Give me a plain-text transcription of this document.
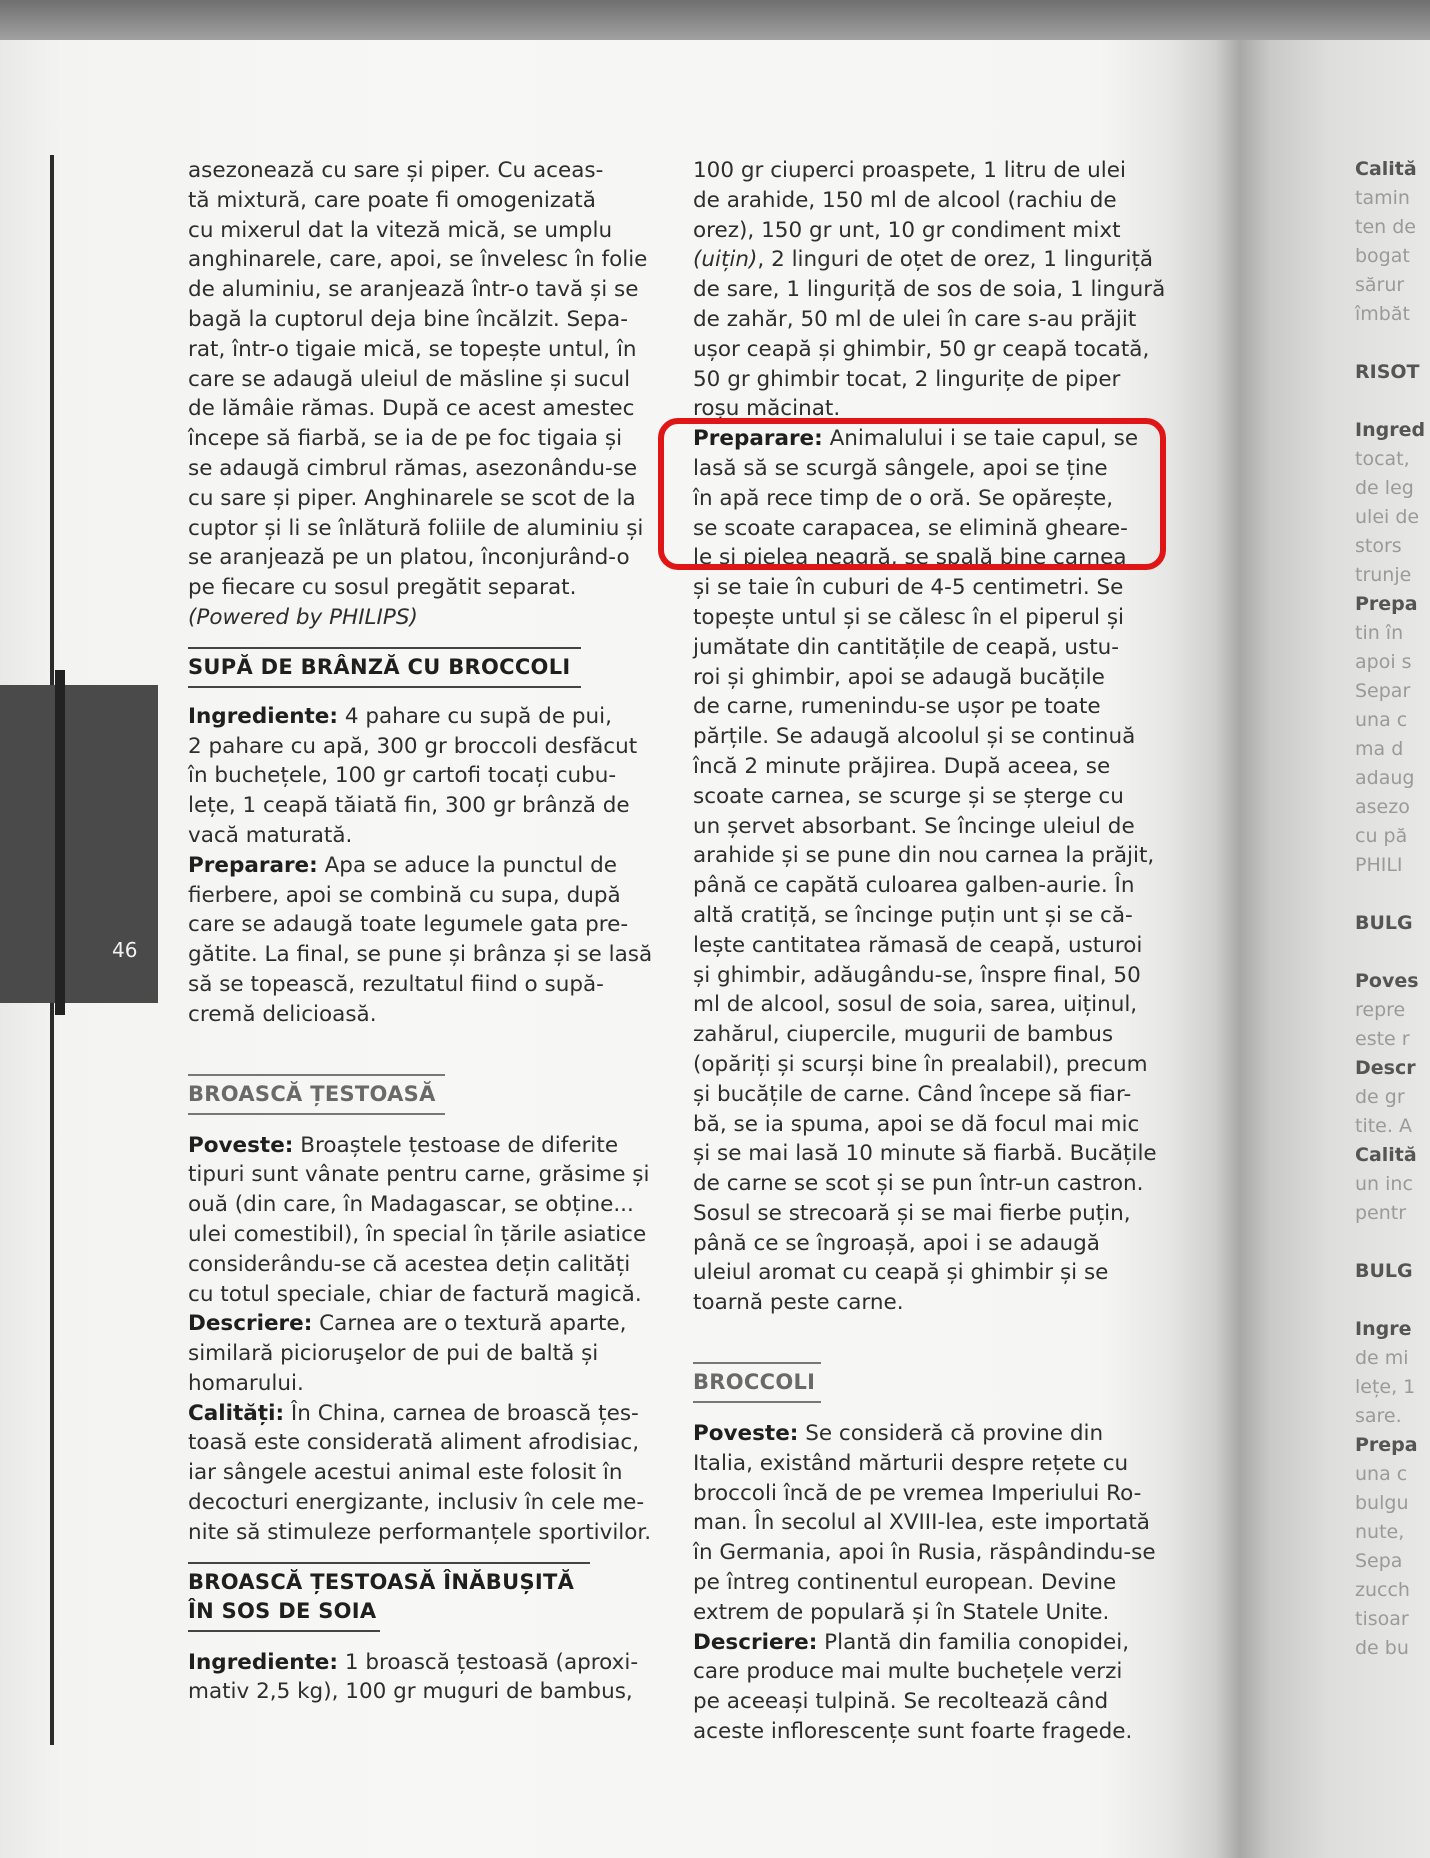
46

asezonează cu sare și piper. Cu aceas-
tă mixtură, care poate fi omogenizată
cu mixerul dat la viteză mică, se umplu
anghinarele, care, apoi, se învelesc în folie
de aluminiu, se aranjează într-o tavă și se
bagă la cuptorul deja bine încălzit. Sepa-
rat, într-o tigaie mică, se topește untul, în
care se adaugă uleiul de măsline și sucul
de lămâie rămas. După ce acest amestec
începe să fiarbă, se ia de pe foc tigaia și
se adaugă cimbrul rămas, asezonându-se
cu sare și piper. Anghinarele se scot de la
cuptor și li se înlătură foliile de aluminiu și
se aranjează pe un platou, înconjurând-o
pe fiecare cu sosul pregătit separat.

(Powered by PHILIPS)

SUPĂ DE BRÂNZĂ CU BROCCOLI

Ingrediente: 4 pahare cu supă de pui,
2 pahare cu apă, 300 gr broccoli desfăcut
în buchețele, 100 gr cartofi tocați cubu-
lețe, 1 ceapă tăiată fin, 300 gr brânză de
vacă maturată.

Preparare: Apa se aduce la punctul de
fierbere, apoi se combină cu supa, după
care se adaugă toate legumele gata pre-
gătite. La final, se pune și brânza și se lasă
să se topească, rezultatul fiind o supă-
cremă delicioasă.

BROASCĂ ȚESTOASĂ

Poveste: Broaștele țestoase de diferite
tipuri sunt vânate pentru carne, grăsime și
ouă (din care, în Madagascar, se obține...
ulei comestibil), în special în țările asiatice
considerându-se că acestea dețin calități
cu totul speciale, chiar de factură magică.

Descriere: Carnea are o textură aparte,
similară picioruşelor de pui de baltă și
homarului.

Calități: În China, carnea de broască țes-
toasă este considerată aliment afrodisiac,
iar sângele acestui animal este folosit în
decocturi energizante, inclusiv în cele me-
nite să stimuleze performanțele sportivilor.

BROASCĂ ȚESTOASĂ ÎNĂBUȘITĂ
ÎN SOS DE SOIA

Ingrediente: 1 broască țestoasă (aproxi-
mativ 2,5 kg), 100 gr muguri de bambus,

100 gr ciuperci proaspete, 1 litru de ulei
de arahide, 150 ml de alcool (rachiu de
orez), 150 gr unt, 10 gr condiment mixt
(uițin), 2 linguri de oțet de orez, 1 linguriță
de sare, 1 linguriță de sos de soia, 1 lingură
de zahăr, 50 ml de ulei în care s-au prăjit
ușor ceapă și ghimbir, 50 gr ceapă tocată,
50 gr ghimbir tocat, 2 lingurițe de piper
roșu măcinat.

Preparare: Animalului i se taie capul, se
lasă să se scurgă sângele, apoi se ține
în apă rece timp de o oră. Se opărește,
se scoate carapacea, se elimină gheare-
le și pielea neagră, se spală bine carnea
și se taie în cuburi de 4-5 centimetri. Se
topește untul și se călesc în el piperul și
jumătate din cantitățile de ceapă, ustu-
roi și ghimbir, apoi se adaugă bucățile
de carne, rumenindu-se ușor pe toate
părțile. Se adaugă alcoolul și se continuă
încă 2 minute prăjirea. După aceea, se
scoate carnea, se scurge și se șterge cu
un șervet absorbant. Se încinge uleiul de
arahide și se pune din nou carnea la prăjit,
până ce capătă culoarea galben-aurie. În
altă cratiță, se încinge puțin unt și se că-
lește cantitatea rămasă de ceapă, usturoi
și ghimbir, adăugându-se, înspre final, 50
ml de alcool, sosul de soia, sarea, uiținul,
zahărul, ciupercile, mugurii de bambus
(opăriți și scurși bine în prealabil), precum
și bucățile de carne. Când începe să fiar-
bă, se ia spuma, apoi se dă focul mai mic
și se mai lasă 10 minute să fiarbă. Bucățile
de carne se scot și se pun într-un castron.
Sosul se strecoară și se mai fierbe puțin,
până ce se îngroașă, apoi i se adaugă
uleiul aromat cu ceapă și ghimbir și se
toarnă peste carne.

BROCCOLI

Poveste: Se consideră că provine din
Italia, existând mărturii despre rețete cu
broccoli încă de pe vremea Imperiului Ro-
man. În secolul al XVIII-lea, este importată
în Germania, apoi în Rusia, răspândindu-se
pe întreg continentul european. Devine
extrem de populară și în Statele Unite.

Descriere: Plantă din familia conopidei,
care produce mai multe buchețele verzi
pe aceeași tulpină. Se recoltează când
aceste inflorescențe sunt foarte fragede.

Calită
tamin
ten de
bogat
sărur
îmbăt

RISOT

Ingred
tocat,
de leg
ulei de
stors
trunje
Prepa
tin în
apoi s
Separ
una c
ma d
adaug
asezo
cu pă
PHILI

BULG

Poves
repre
este r
Descr
de gr
tite. A
Calită
un inc
pentr

BULG

Ingre
de mi
lețe, 1
sare.
Prepa
una c
bulgu
nute,
Sepa
zucch
tisoar
de bu
